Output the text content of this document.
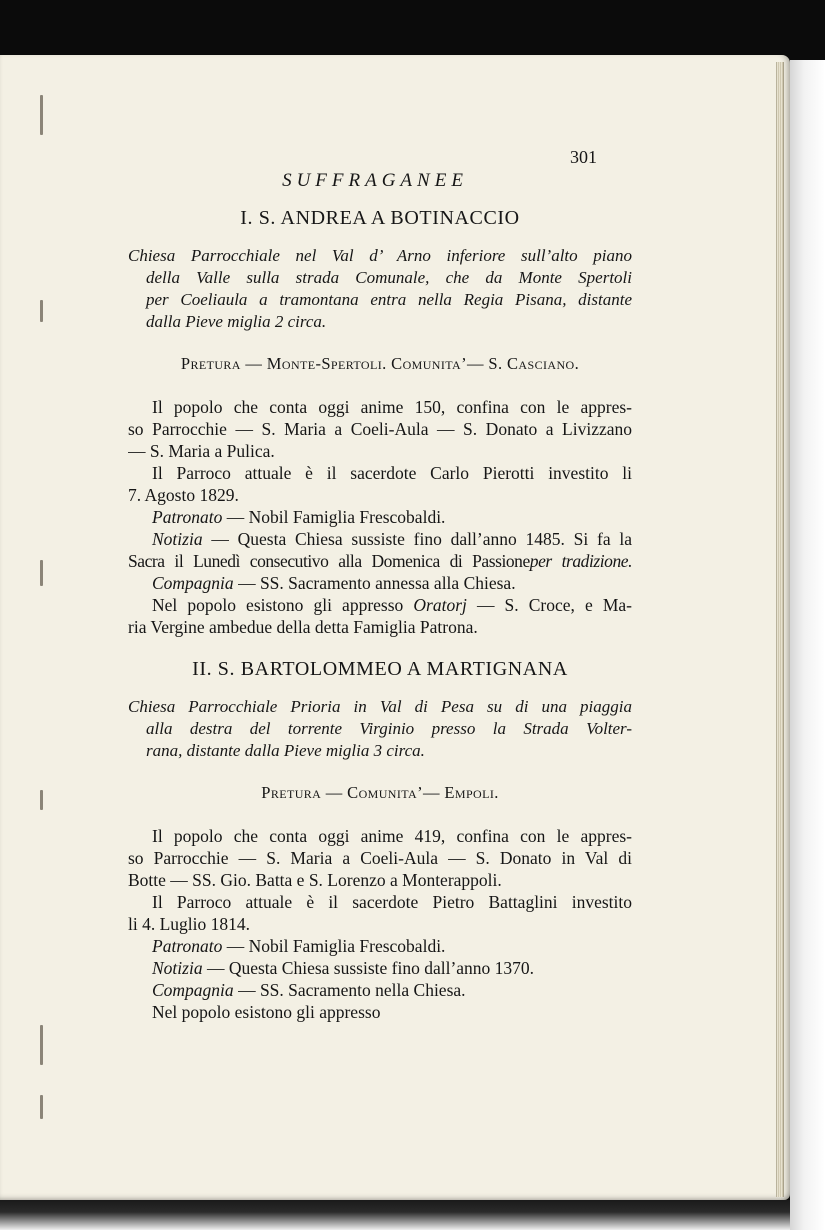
301
SUFFRAGANEE
I. S. ANDREA A BOTINACCIO
Chiesa Parrocchiale nel Val d’ Arno inferiore sull’alto piano
della Valle sulla strada Comunale, che da Monte Spertoli
per Coeliaula a tramontana entra nella Regia Pisana, distante
dalla Pieve miglia 2 circa.
Pretura — Monte-Spertoli. Comunita’— S. Casciano.
Il popolo che conta oggi anime 150, confina con le appres-
so Parrocchie — S. Maria a Coeli-Aula — S. Donato a Livizzano
— S. Maria a Pulica.
Il Parroco attuale è il sacerdote Carlo Pierotti investito li
7. Agosto 1829.
Patronato — Nobil Famiglia Frescobaldi.
Notizia — Questa Chiesa sussiste fino dall’anno 1485. Si fa la
Sacra il Lunedì consecutivo alla Domenica di Passioneper tradizione.
Compagnia — SS. Sacramento annessa alla Chiesa.
Nel popolo esistono gli appresso Oratorj — S. Croce, e Ma-
ria Vergine ambedue della detta Famiglia Patrona.
II. S. BARTOLOMMEO A MARTIGNANA
Chiesa Parrocchiale Prioria in Val di Pesa su di una piaggia
alla destra del torrente Virginio presso la Strada Volter-
rana, distante dalla Pieve miglia 3 circa.
Pretura — Comunita’— Empoli.
Il popolo che conta oggi anime 419, confina con le appres-
so Parrocchie — S. Maria a Coeli-Aula — S. Donato in Val di
Botte — SS. Gio. Batta e S. Lorenzo a Monterappoli.
Il Parroco attuale è il sacerdote Pietro Battaglini investito
li 4. Luglio 1814.
Patronato — Nobil Famiglia Frescobaldi.
Notizia — Questa Chiesa sussiste fino dall’anno 1370.
Compagnia — SS. Sacramento nella Chiesa.
Nel popolo esistono gli appresso
